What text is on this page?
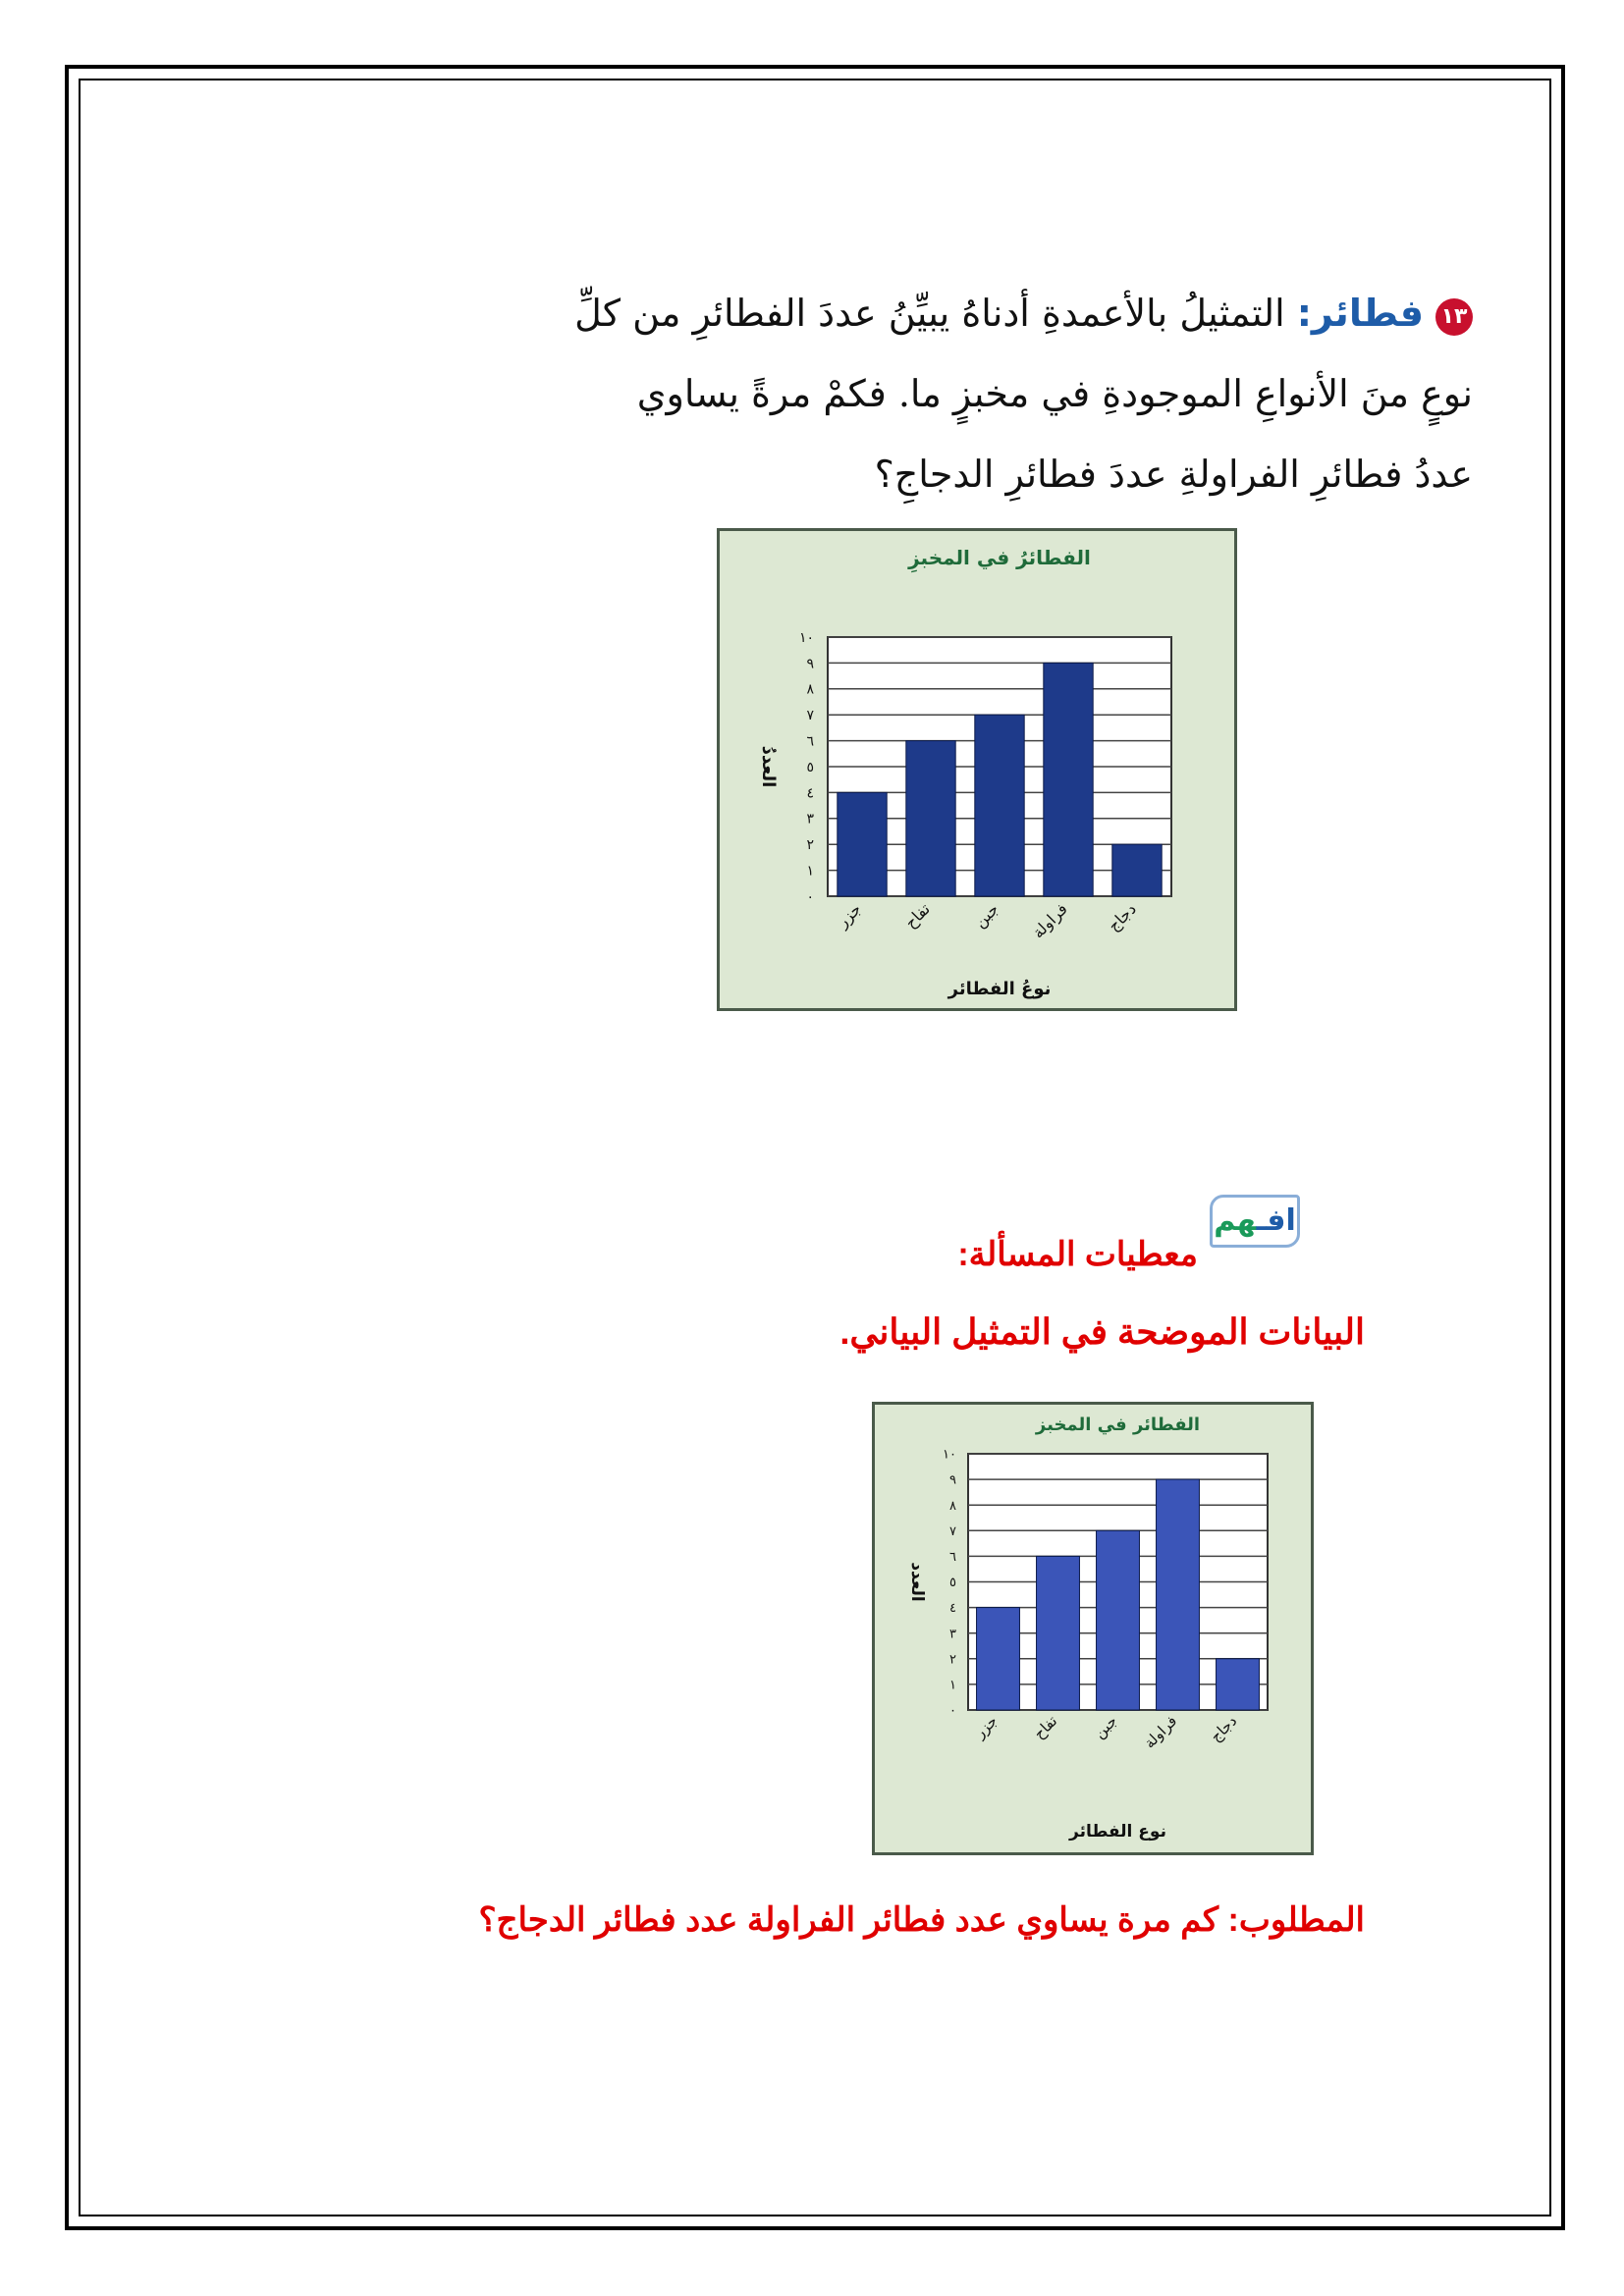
١٣فطائر: التمثيلُ بالأعمدةِ أدناهُ يبيِّنُ عددَ الفطائرِ من كلِّ
نوعٍ منَ الأنواعِ الموجودةِ في مخبزٍ ما. فكمْ مرةً يساوي
عددُ فطائرِ الفراولةِ عددَ فطائرِ الدجاجِ؟
الفطائرُ في المخبزِ
٠
١
٢
٣
٤
٥
٦
٧
٨
٩
١٠
جزر تفاح جبن فراولة دجاج
نوعُ الفطائر
العددُ
افـهم
معطيات المسألة:
البيانات الموضحة في التمثيل البياني.
الفطائر في المخبز
٠
١
٢
٣
٤
٥
٦
٧
٨
٩
١٠
جزر تفاح جبن فراولة دجاج
نوع الفطائر
العدد
المطلوب: كم مرة يساوي عدد فطائر الفراولة عدد فطائر الدجاج؟
